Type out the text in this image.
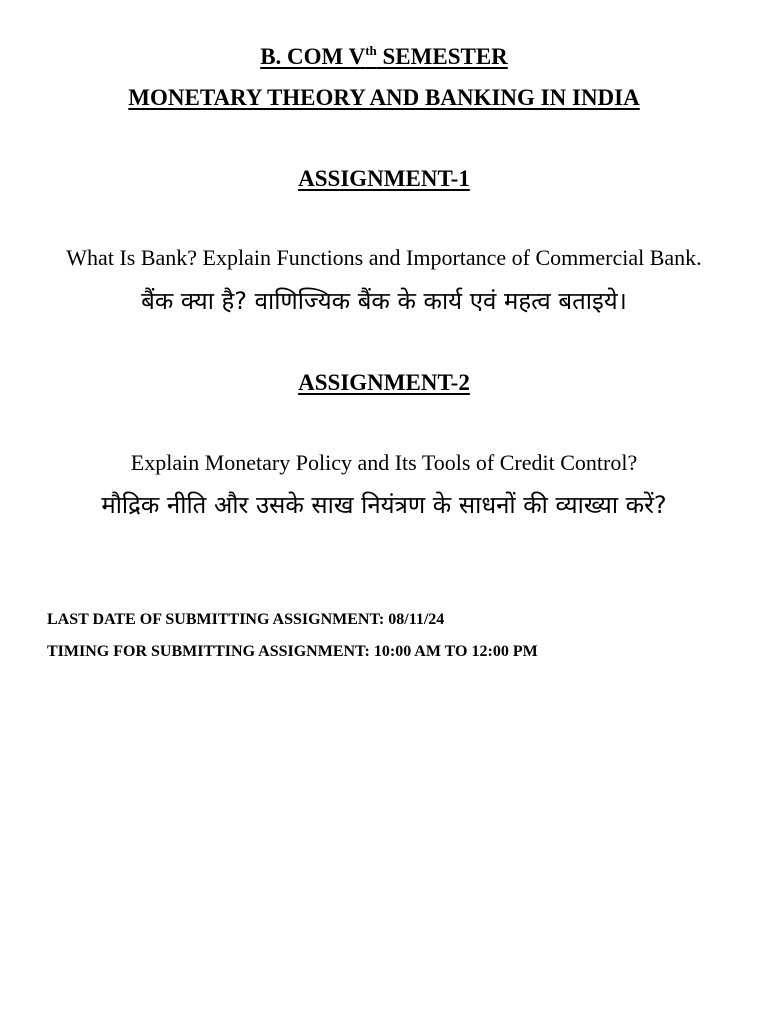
B. COM Vth SEMESTER
MONETARY THEORY AND BANKING IN INDIA
ASSIGNMENT-1
What Is Bank? Explain Functions and Importance of Commercial Bank.
बैंक क्या है? वाणिज्यिक बैंक के कार्य एवं महत्व बताइये।
ASSIGNMENT-2
Explain Monetary Policy and Its Tools of Credit Control?
मौद्रिक नीति और उसके साख नियंत्रण के साधनों की व्याख्या करें?
LAST DATE OF SUBMITTING ASSIGNMENT: 08/11/24
TIMING FOR SUBMITTING ASSIGNMENT: 10:00 AM TO 12:00 PM
